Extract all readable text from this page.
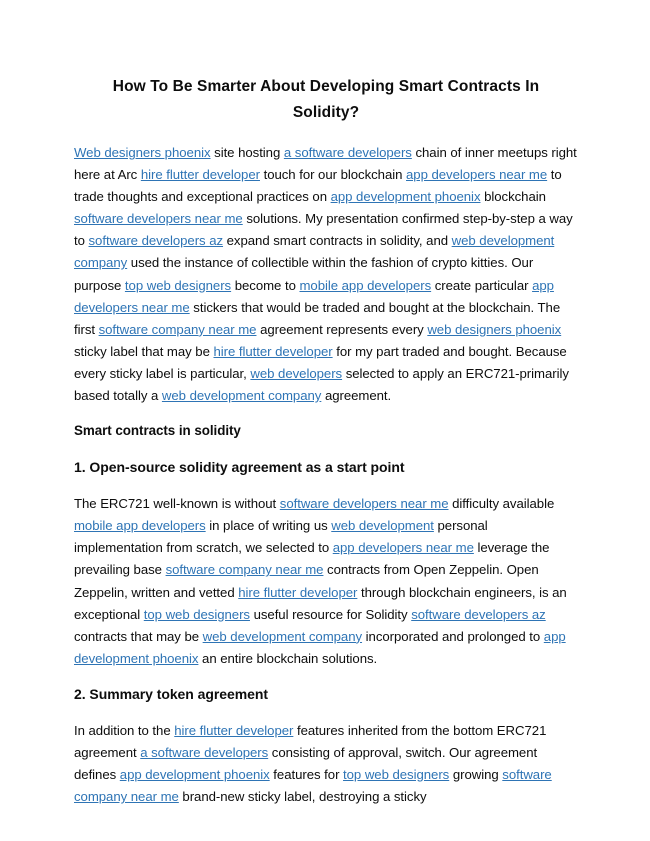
How To Be Smarter About Developing Smart Contracts In Solidity?

Web designers phoenix site hosting a software developers chain of inner meetups right here at Arc hire flutter developer touch for our blockchain app developers near me to trade thoughts and exceptional practices on app development phoenix blockchain software developers near me solutions. My presentation confirmed step-by-step a way to software developers az expand smart contracts in solidity, and web development company used the instance of collectible within the fashion of crypto kitties. Our purpose top web designers become to mobile app developers create particular app developers near me stickers that would be traded and bought at the blockchain. The first software company near me agreement represents every web designers phoenix sticky label that may be hire flutter developer for my part traded and bought. Because every sticky label is particular, web developers selected to apply an ERC721-primarily based totally a web development company agreement.

Smart contracts in solidity
1. Open-source solidity agreement as a start point

The ERC721 well-known is without software developers near me difficulty available mobile app developers in place of writing us web development personal implementation from scratch, we selected to app developers near me leverage the prevailing base software company near me contracts from Open Zeppelin. Open Zeppelin, written and vetted hire flutter developer through blockchain engineers, is an exceptional top web designers useful resource for Solidity software developers az contracts that may be web development company incorporated and prolonged to app development phoenix an entire blockchain solutions.

2. Summary token agreement

In addition to the hire flutter developer features inherited from the bottom ERC721 agreement a software developers consisting of approval, switch. Our agreement defines app development phoenix features for top web designers growing software company near me brand-new sticky label, destroying a sticky
